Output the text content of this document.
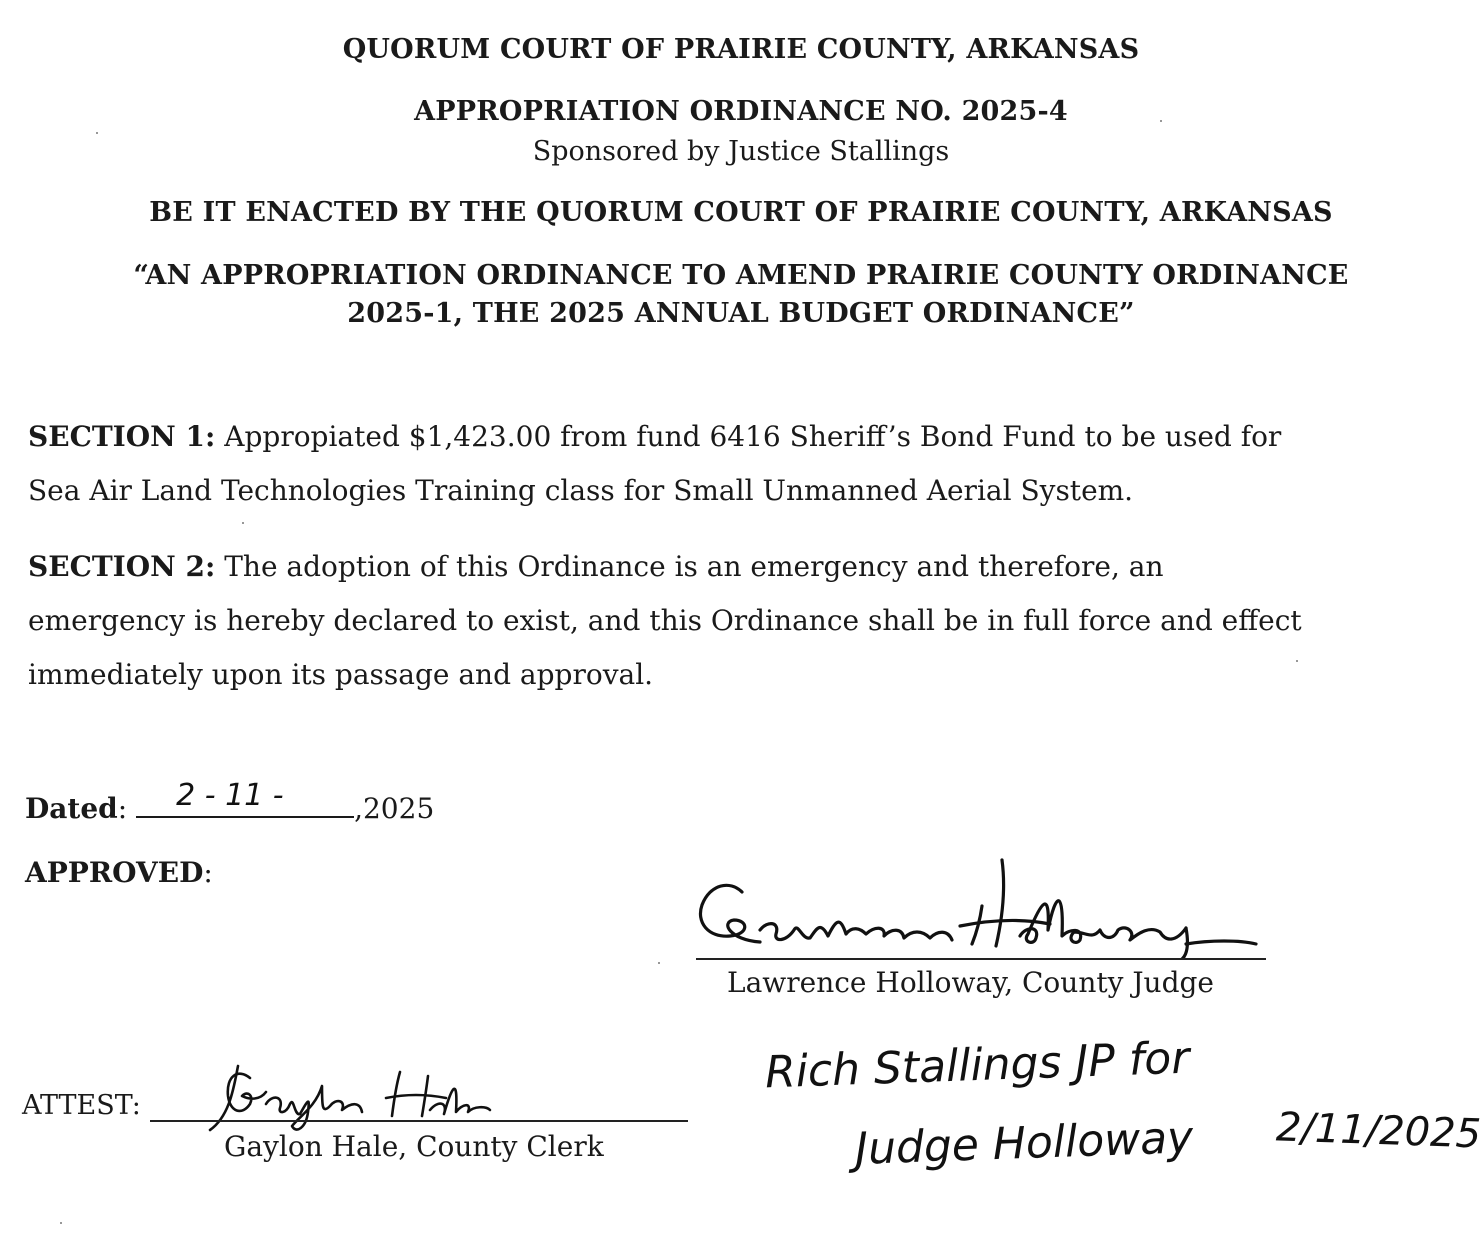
QUORUM COURT OF PRAIRIE COUNTY, ARKANSAS
APPROPRIATION ORDINANCE NO. 2025-4
Sponsored by Justice Stallings
BE IT ENACTED BY THE QUORUM COURT OF PRAIRIE COUNTY, ARKANSAS
“AN APPROPRIATION ORDINANCE TO AMEND PRAIRIE COUNTY ORDINANCE
2025-1, THE 2025 ANNUAL BUDGET ORDINANCE”
SECTION 1: Appropiated $1,423.00 from fund 6416 Sheriff’s Bond Fund to be used for Sea Air Land Technologies Training class for Small Unmanned Aerial System.
SECTION 2: The adoption of this Ordinance is an emergency and therefore, an emergency is hereby declared to exist, and this Ordinance shall be in full force and effect immediately upon its passage and approval.
Dated: 2 - 11 -	,2025
APPROVED:
Lawrence Holloway, County Judge
Rich Stallings JP for
Judge Holloway 2/11/2025
ATTEST:
Gaylon Hale, County Clerk
